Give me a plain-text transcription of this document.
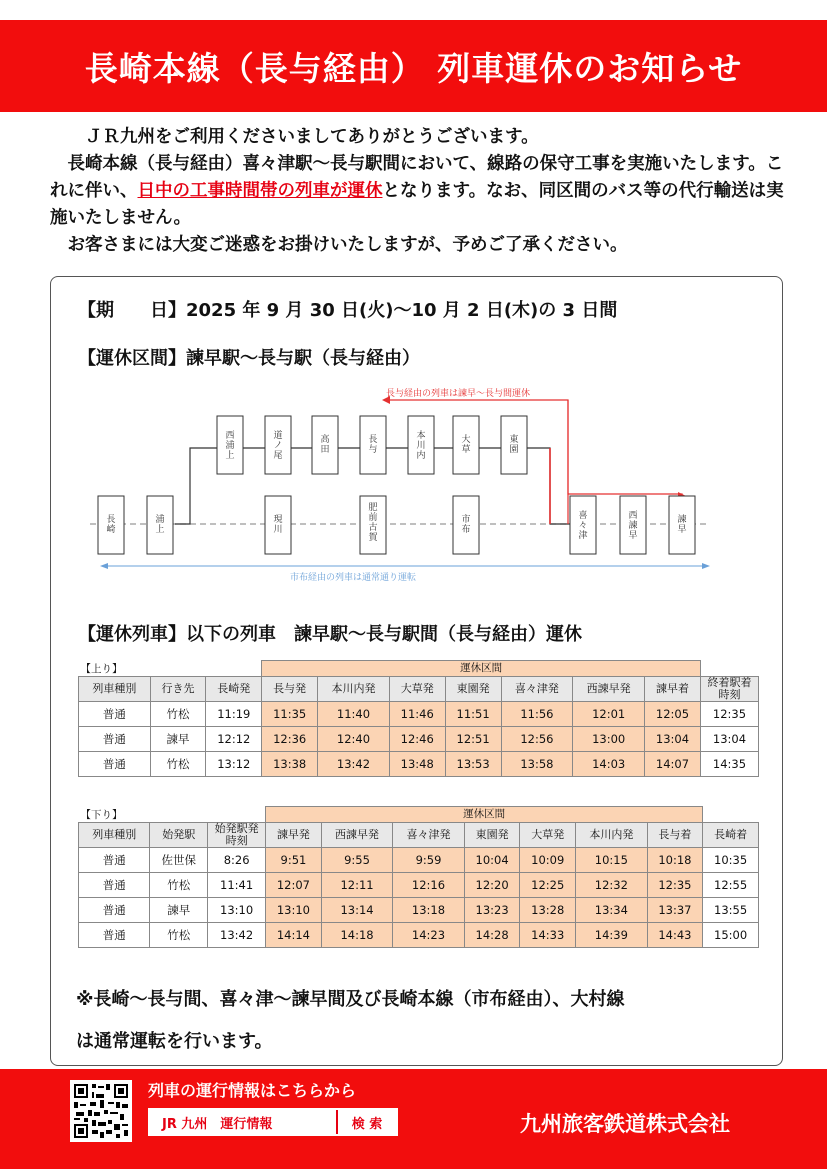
長崎本線（長与経由） 列車運休のお知らせ

ＪＲ九州をご利用くださいましてありがとうございます。

長崎本線（長与経由）喜々津駅～長与駅間において、線路の保守工事を実施いたします。これに伴い、日中の工事時間帯の列車が運休となります。なお、同区間のバス等の代行輸送は実施いたしません。

お客さまには大変ご迷惑をお掛けいたしますが、予めご了承ください。

【期　　日】2025 年 9 月 30 日(火)～10 月 2 日(木)の 3 日間
【運休区間】諫早駅～長与駅（長与経由）
長与経由の列車は諫早～長与間運休
市布経由の列車は通常通り運転
西
浦
上
道
ノ
尾
高
田
長
与
本
川
内
大
草
東
園
現
川
肥
前
古
賀
市
布
長
崎
浦
上
喜
々
津
西
諫
早
諫
早
【運休列車】以下の列車　諫早駅～長与駅間（長与経由）運休
【上り】			運休区間							
列車種別	行き先	長崎発	長与発	本川内発	大草発	東園発	喜々津発	西諫早発	諫早着	終着駅着時刻
普通	竹松	11:19	11:35	11:40	11:46	11:51	11:56	12:01	12:05	12:35
普通	諫早	12:12	12:36	12:40	12:46	12:51	12:56	13:00	13:04	13:04
普通	竹松	13:12	13:38	13:42	13:48	13:53	13:58	14:03	14:07	14:35
【下り】			運休区間							
列車種別	始発駅	始発駅発時刻	諫早発	西諫早発	喜々津発	東園発	大草発	本川内発	長与着	長崎着
普通	佐世保	8:26	9:51	9:55	9:59	10:04	10:09	10:15	10:18	10:35
普通	竹松	11:41	12:07	12:11	12:16	12:20	12:25	12:32	12:35	12:55
普通	諫早	13:10	13:10	13:14	13:18	13:23	13:28	13:34	13:37	13:55
普通	竹松	13:42	14:14	14:18	14:23	14:28	14:33	14:39	14:43	15:00
※長崎～長与間、喜々津～諫早間及び長崎本線（市布経由）、大村線
は通常運転を行います。
列車の運行情報はこちらから
JR 九州　運行情報	検 索	九州旅客鉄道株式会社
